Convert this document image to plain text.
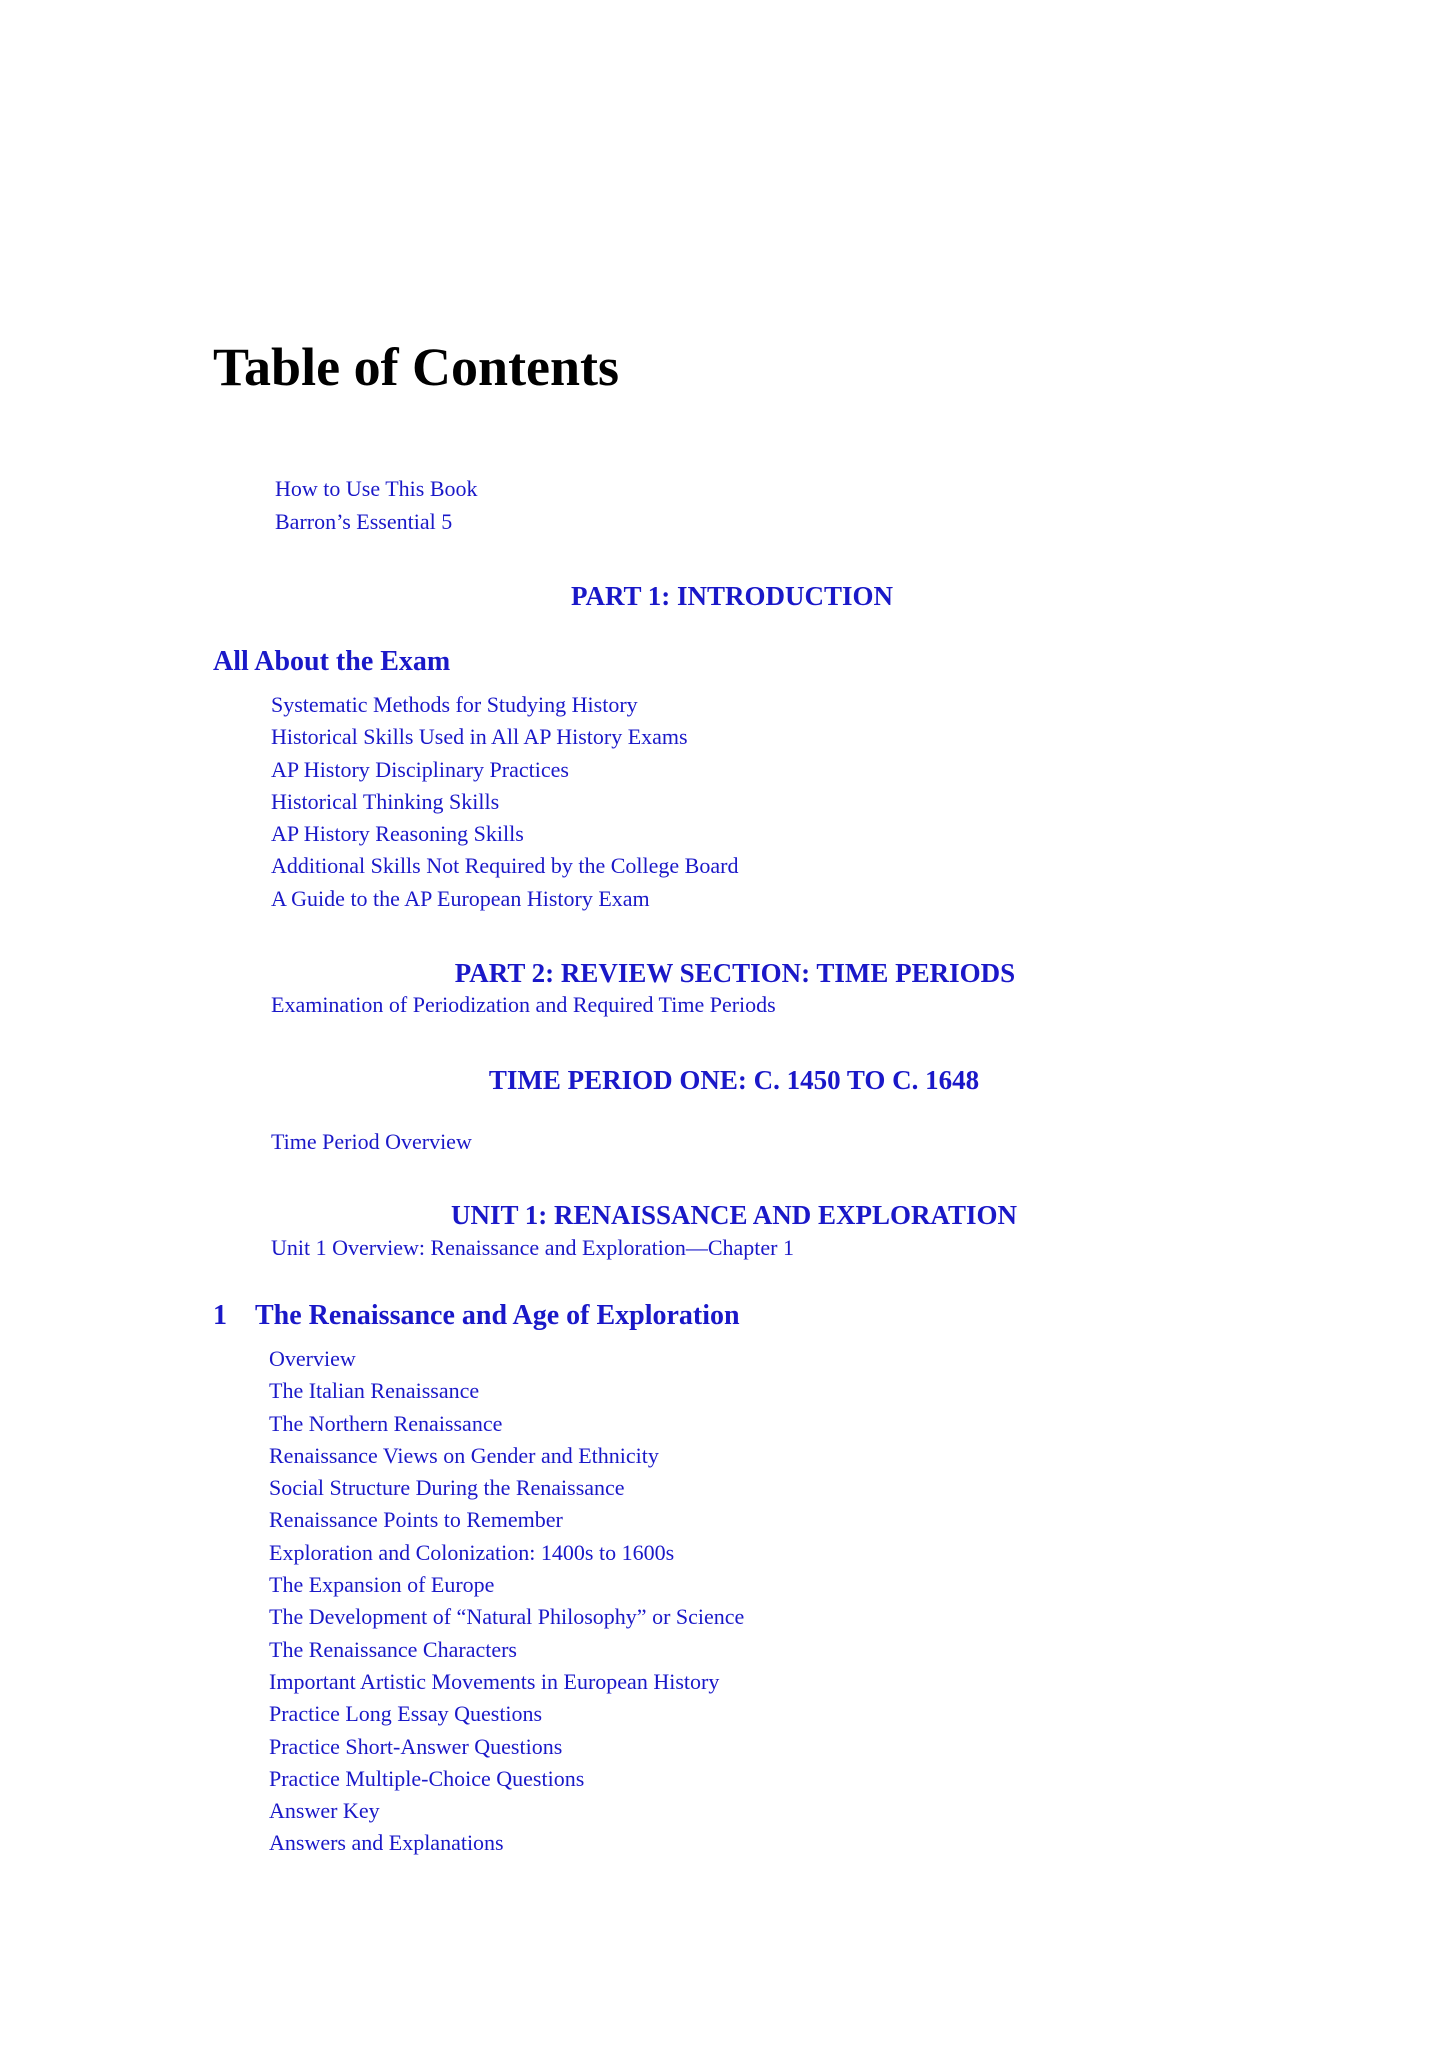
Table of Contents
How to Use This Book
Barron’s Essential 5
PART 1: INTRODUCTION
All About the Exam
Systematic Methods for Studying History
Historical Skills Used in All AP History Exams
AP History Disciplinary Practices
Historical Thinking Skills
AP History Reasoning Skills
Additional Skills Not Required by the College Board
A Guide to the AP European History Exam
PART 2: REVIEW SECTION: TIME PERIODS
Examination of Periodization and Required Time Periods
TIME PERIOD ONE: C. 1450 TO C. 1648
Time Period Overview
UNIT 1: RENAISSANCE AND EXPLORATION
Unit 1 Overview: Renaissance and Exploration—Chapter 1
1 The Renaissance and Age of Exploration
Overview
The Italian Renaissance
The Northern Renaissance
Renaissance Views on Gender and Ethnicity
Social Structure During the Renaissance
Renaissance Points to Remember
Exploration and Colonization: 1400s to 1600s
The Expansion of Europe
The Development of “Natural Philosophy” or Science
The Renaissance Characters
Important Artistic Movements in European History
Practice Long Essay Questions
Practice Short-Answer Questions
Practice Multiple-Choice Questions
Answer Key
Answers and Explanations
